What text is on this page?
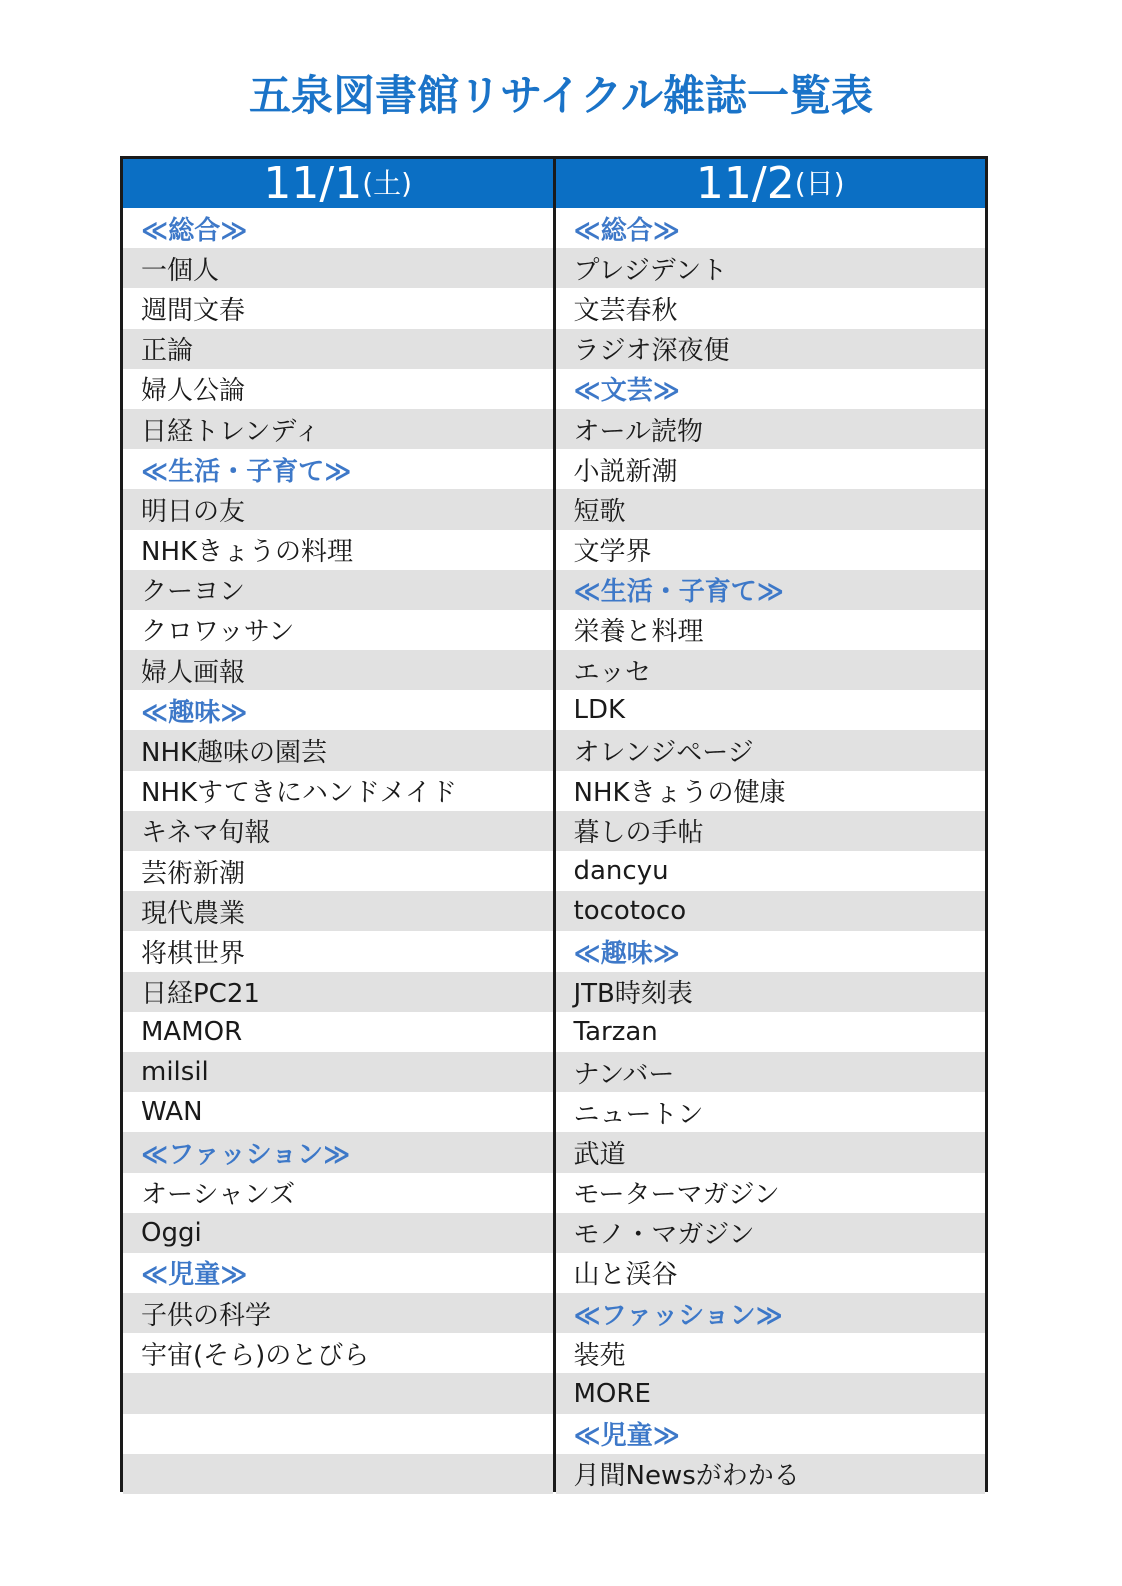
五泉図書館リサイクル雑誌一覧表
11/1 (土)
≪総合≫
一個人
週間文春
正論
婦人公論
日経トレンディ
≪生活・子育て≫
明日の友
NHKきょうの料理
クーヨン
クロワッサン
婦人画報
≪趣味≫
NHK趣味の園芸
NHKすてきにハンドメイド
キネマ旬報
芸術新潮
現代農業
将棋世界
日経PC21
MAMOR
milsil
WAN
≪ファッション≫
オーシャンズ
Oggi
≪児童≫
子供の科学
宇宙(そら)のとびら
11/2 (日)
≪総合≫
プレジデント
文芸春秋
ラジオ深夜便
≪文芸≫
オール読物
小説新潮
短歌
文学界
≪生活・子育て≫
栄養と料理
エッセ
LDK
オレンジページ
NHKきょうの健康
暮しの手帖
dancyu
tocotoco
≪趣味≫
JTB時刻表
Tarzan
ナンバー
ニュートン
武道
モーターマガジン
モノ・マガジン
山と渓谷
≪ファッション≫
装苑
MORE
≪児童≫
月間Newsがわかる
